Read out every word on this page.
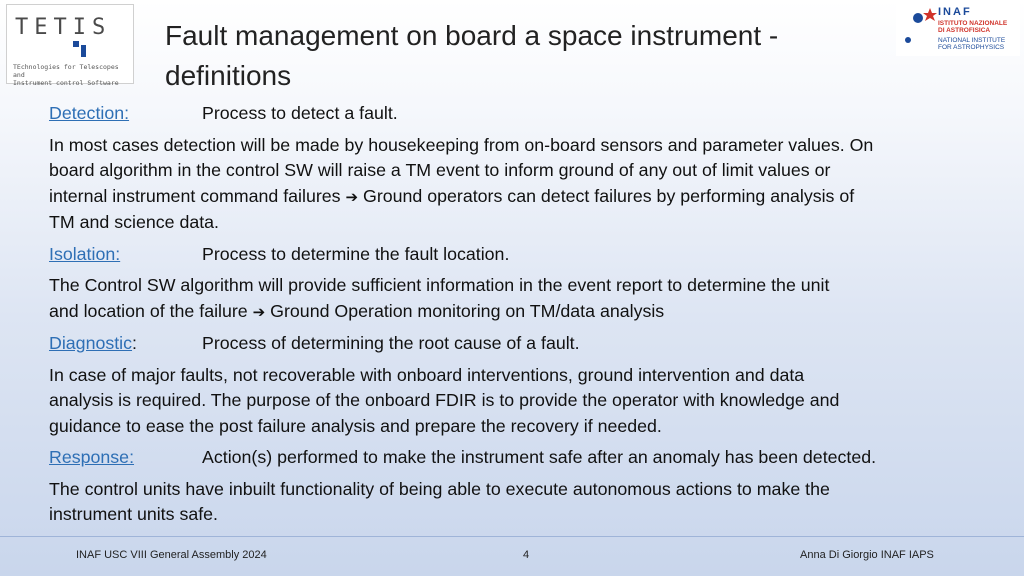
TETIS
TEchnologies for Telescopes and
Instrument control Software
INAF
ISTITUTO NAZIONALE
DI ASTROFISICA
NATIONAL INSTITUTE
FOR ASTROPHYSICS
Fault management on board a space instrument -
definitions
Detection:	Process to detect a fault.
In most cases detection will be made by housekeeping from on-board sensors and parameter values. On
board algorithm in the control SW will raise a TM event to inform ground of any out of limit values or
internal instrument command failures ➔ Ground operators can detect failures by performing analysis of
TM and science data.
Isolation:	Process to determine the fault location.
The Control SW algorithm will provide sufficient information in the event report to determine the unit
and location of the failure ➔ Ground Operation monitoring on TM/data analysis
Diagnostic:	Process of determining the root cause of a fault.
In case of major faults, not recoverable with onboard interventions, ground intervention and data
analysis is required. The purpose of the onboard FDIR is to provide the operator with knowledge and
guidance to ease the post failure analysis and prepare the recovery if needed.
Response:	Action(s) performed to make the instrument safe after an anomaly has been detected.
The control units have inbuilt functionality of being able to execute autonomous actions to make the
instrument units safe.
INAF USC VIII General Assembly 2024	4	Anna Di Giorgio INAF IAPS
